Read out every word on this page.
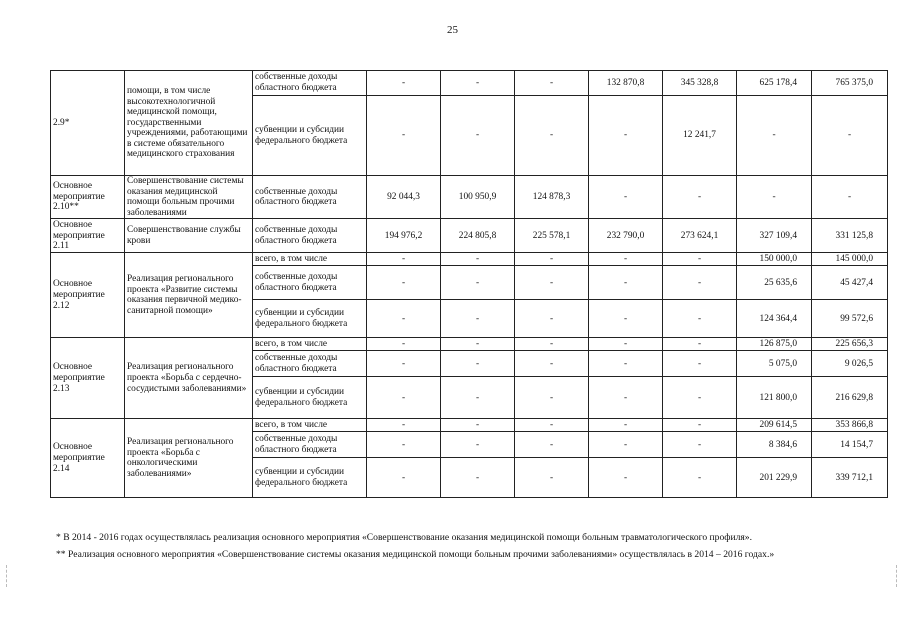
25
2.9*	помощи, в том числе высокотехнологичной медицинской помощи, государственными учреждениями, работающими в системе обязательного медицинского страхования	собственные доходы областного бюджета	-	-	-	132 870,8	345 328,8	625 178,4	765 375,0
		субвенции и субсидии федерального бюджета	-	-	-	-	12 241,7	-	-
Основное мероприятие 2.10**	Совершенствование системы оказания медицинской помощи больным прочими заболеваниями	собственные доходы областного бюджета	92 044,3	100 950,9	124 878,3	-	-	-	-
Основное мероприятие 2.11	Совершенствование службы крови	собственные доходы областного бюджета	194 976,2	224 805,8	225 578,1	232 790,0	273 624,1	327 109,4	331 125,8
Основное мероприятие 2.12	Реализация регионального проекта «Развитие системы оказания первичной медико-санитарной помощи»	всего, в том числе	-	-	-	-	-	150 000,0	145 000,0
		собственные доходы областного бюджета	-	-	-	-	-	25 635,6	45 427,4
		субвенции и субсидии федерального бюджета	-	-	-	-	-	124 364,4	99 572,6
Основное мероприятие 2.13	Реализация регионального проекта «Борьба с сердечно-сосудистыми заболеваниями»	всего, в том числе	-	-	-	-	-	126 875,0	225 656,3
		собственные доходы областного бюджета	-	-	-	-	-	5 075,0	9 026,5
		субвенции и субсидии федерального бюджета	-	-	-	-	-	121 800,0	216 629,8
Основное мероприятие 2.14	Реализация регионального проекта «Борьба с онкологическими заболеваниями»	всего, в том числе	-	-	-	-	-	209 614,5	353 866,8
		собственные доходы областного бюджета	-	-	-	-	-	8 384,6	14 154,7
		субвенции и субсидии федерального бюджета	-	-	-	-	-	201 229,9	339 712,1

* В 2014 - 2016 годах осуществлялась реализация основного мероприятия «Совершенствование оказания медицинской помощи больным травматологического профиля».

** Реализация основного мероприятия «Совершенствование системы оказания медицинской помощи больным прочими заболеваниями» осуществлялась в 2014 – 2016 годах.»
